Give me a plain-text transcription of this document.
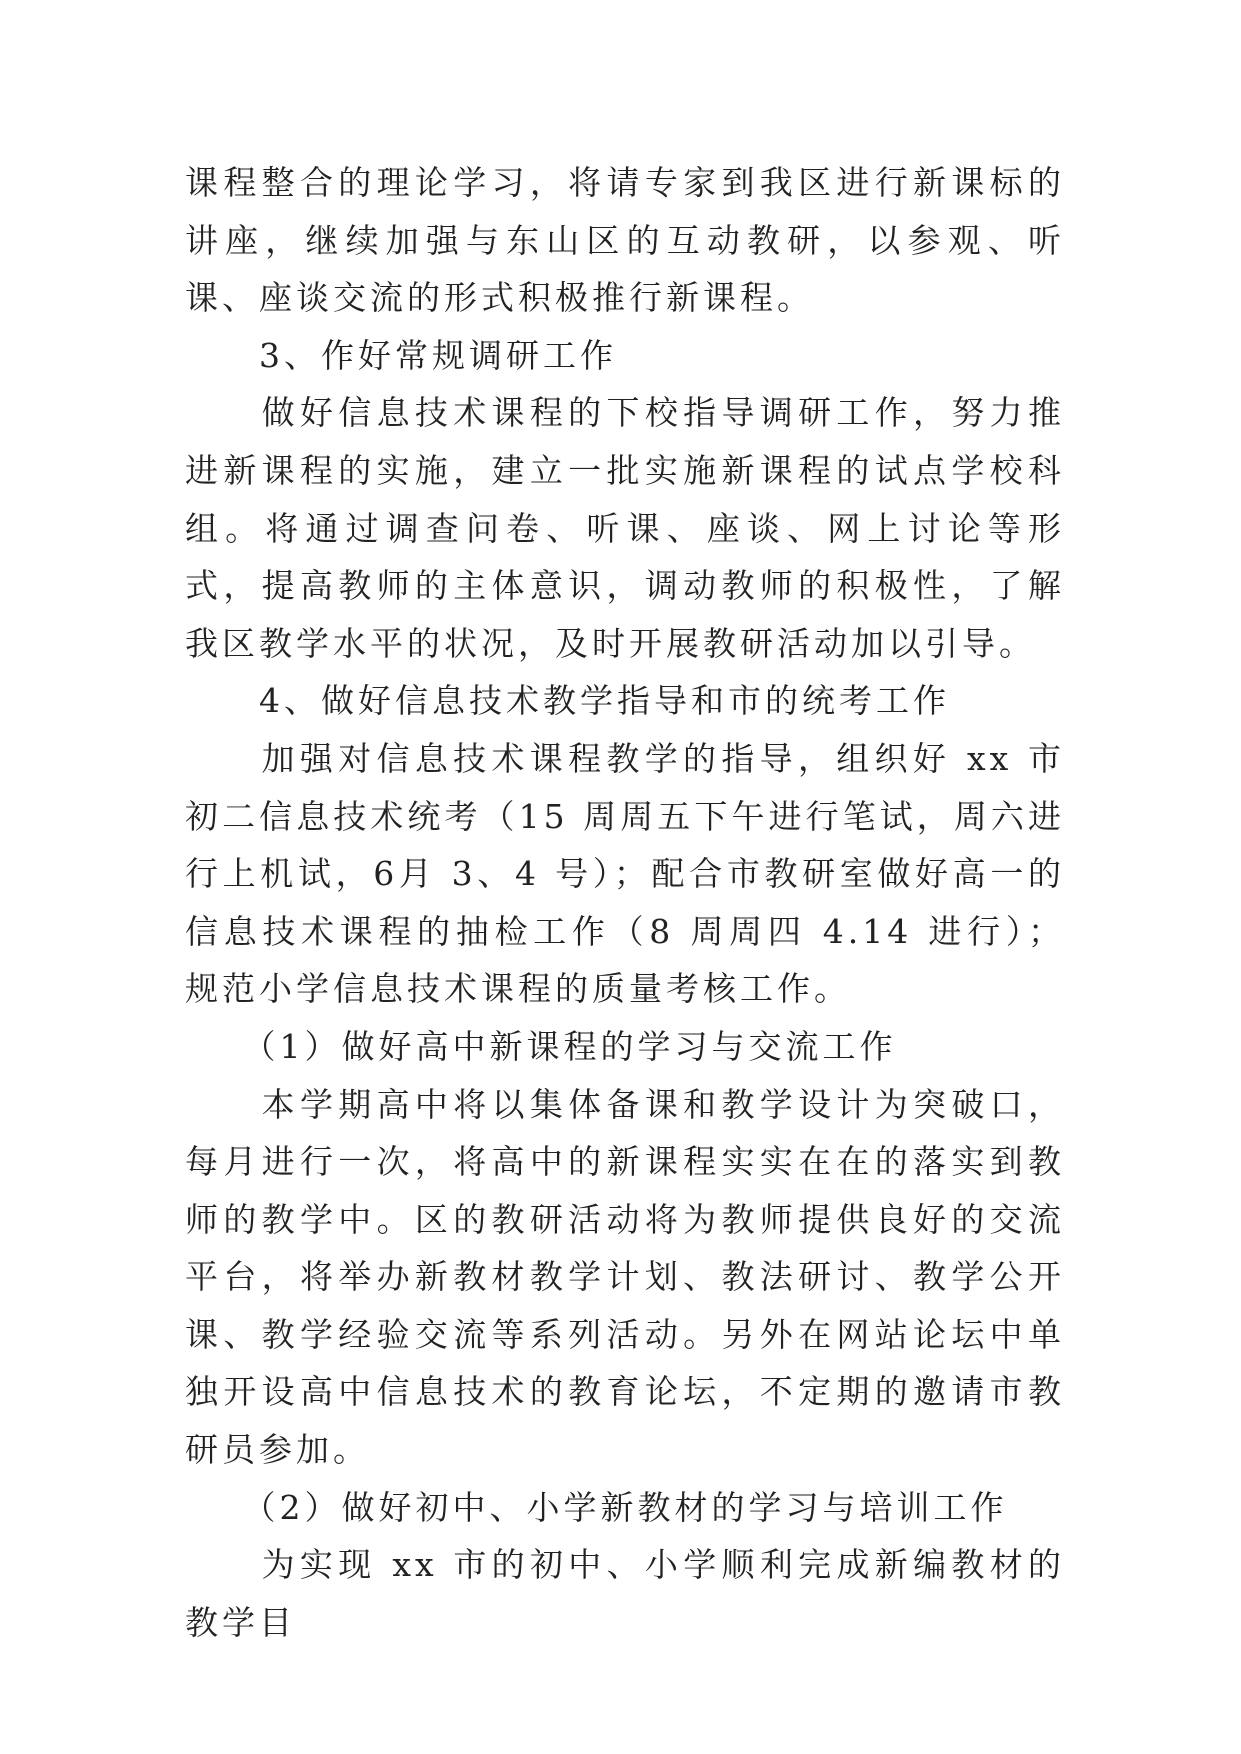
课程整合的理论学习，将请专家到我区进行新课标的讲座，继续加强与东山区的互动教研，以参观、听课、座谈交流的形式积极推行新课程。

　　3、作好常规调研工作

　　做好信息技术课程的下校指导调研工作，努力推进新课程的实施，建立一批实施新课程的试点学校科组。将通过调查问卷、听课、座谈、网上讨论等形式，提高教师的主体意识，调动教师的积极性，了解我区教学水平的状况，及时开展教研活动加以引导。

　　4、做好信息技术教学指导和市的统考工作

　　加强对信息技术课程教学的指导，组织好 xx 市初二信息技术统考（15 周周五下午进行笔试，周六进行上机试，6月 3、4 号）；配合市教研室做好高一的信息技术课程的抽检工作（8 周周四 4.14 进行）；规范小学信息技术课程的质量考核工作。

　　（1）做好高中新课程的学习与交流工作

　　本学期高中将以集体备课和教学设计为突破口，每月进行一次，将高中的新课程实实在在的落实到教师的教学中。区的教研活动将为教师提供良好的交流平台，将举办新教材教学计划、教法研讨、教学公开课、教学经验交流等系列活动。另外在网站论坛中单独开设高中信息技术的教育论坛，不定期的邀请市教研员参加。

　　（2）做好初中、小学新教材的学习与培训工作

　　为实现 xx 市的初中、小学顺利完成新编教材的教学目
